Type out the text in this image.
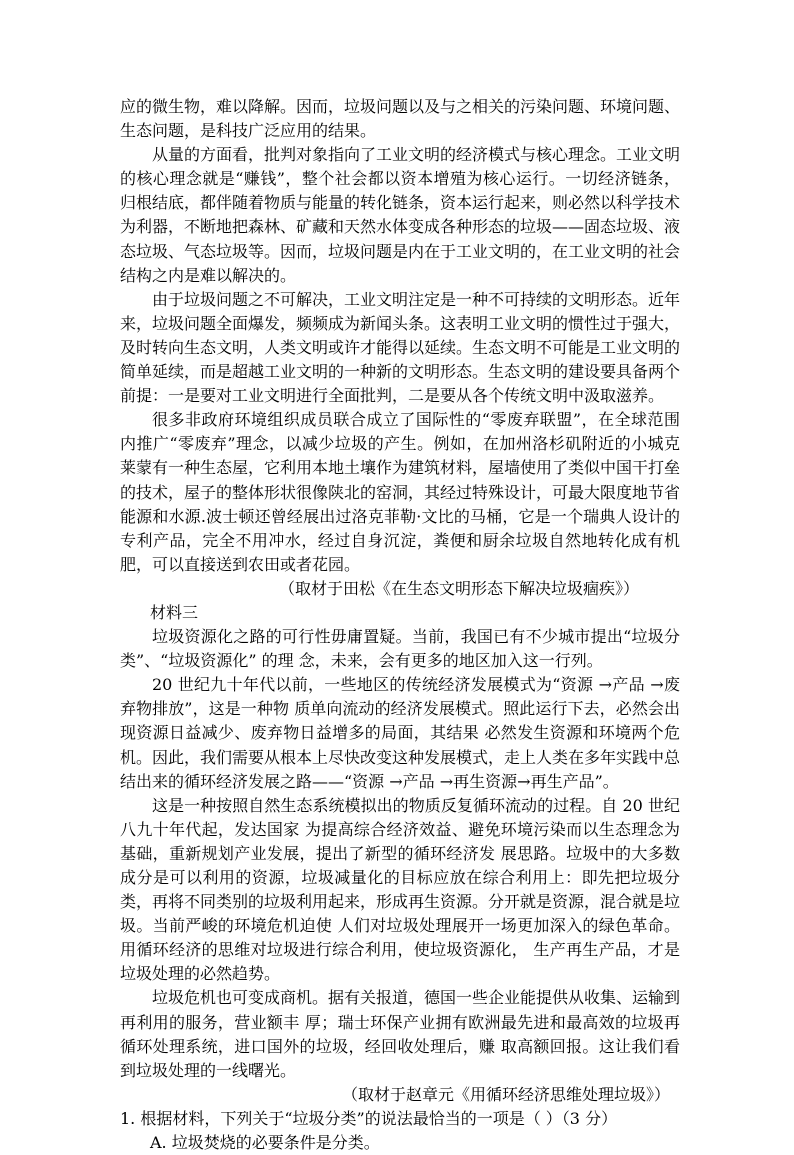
应的微生物，难以降解。因而，垃圾问题以及与之相关的污染问题、环境问题、生态问题，是科技广泛应用的结果。

从量的方面看，批判对象指向了工业文明的经济模式与核心理念。工业文明的核心理念就是“赚钱”，整个社会都以资本增殖为核心运行。一切经济链条，归根结底，都伴随着物质与能量的转化链条，资本运行起来，则必然以科学技术为利器，不断地把森林、矿藏和天然水体变成各种形态的垃圾——固态垃圾、液态垃圾、气态垃圾等。因而，垃圾问题是内在于工业文明的，在工业文明的社会结构之内是难以解决的。

由于垃圾问题之不可解决，工业文明注定是一种不可持续的文明形态。近年来，垃圾问题全面爆发，频频成为新闻头条。这表明工业文明的惯性过于强大，及时转向生态文明，人类文明或许才能得以延续。生态文明不可能是工业文明的简单延续，而是超越工业文明的一种新的文明形态。生态文明的建设要具备两个前提：一是要对工业文明进行全面批判，二是要从各个传统文明中汲取滋养。

很多非政府环境组织成员联合成立了国际性的“零废弃联盟”，在全球范围内推广“零废弃”理念，以减少垃圾的产生。例如，在加州洛杉矶附近的小城克莱蒙有一种生态屋，它利用本地土壤作为建筑材料，屋墙使用了类似中国干打垒的技术，屋子的整体形状很像陕北的窑洞，其经过特殊设计，可最大限度地节省能源和水源.波士顿还曾经展出过洛克菲勒·文比的马桶，它是一个瑞典人设计的专利产品，完全不用冲水，经过自身沉淀，粪便和厨余垃圾自然地转化成有机肥，可以直接送到农田或者花园。

（取材于田松《在生态文明形态下解决垃圾痼疾》）

材料三

垃圾资源化之路的可行性毋庸置疑。当前，我国已有不少城市提出“垃圾分类”、“垃圾资源化” 的理 念，未来，会有更多的地区加入这一行列。

20 世纪九十年代以前，一些地区的传统经济发展模式为“资源 →产品 →废弃物排放”，这是一种物 质单向流动的经济发展模式。照此运行下去，必然会出现资源日益减少、废弃物日益增多的局面，其结果 必然发生资源和环境两个危机。因此，我们需要从根本上尽快改变这种发展模式，走上人类在多年实践中总结出来的循环经济发展之路——“资源 →产品 →再生资源→再生产品”。

这是一种按照自然生态系统模拟出的物质反复循环流动的过程。自 20 世纪八九十年代起，发达国家 为提高综合经济效益、避免环境污染而以生态理念为基础，重新规划产业发展，提出了新型的循环经济发 展思路。垃圾中的大多数成分是可以利用的资源，垃圾减量化的目标应放在综合利用上：即先把垃圾分类，再将不同类别的垃圾利用起来，形成再生资源。分开就是资源，混合就是垃圾。当前严峻的环境危机迫使 人们对垃圾处理展开一场更加深入的绿色革命。用循环经济的思维对垃圾进行综合利用，使垃圾资源化， 生产再生产品，才是垃圾处理的必然趋势。

垃圾危机也可变成商机。据有关报道，德国一些企业能提供从收集、运输到再利用的服务，营业额丰 厚；瑞士环保产业拥有欧洲最先进和最高效的垃圾再循环处理系统，进口国外的垃圾，经回收处理后，赚 取高额回报。这让我们看到垃圾处理的一线曙光。

（取材于赵章元《用循环经济思维处理垃圾》）

1. 根据材料，下列关于“垃圾分类”的说法最恰当的一项是（ ）（3 分）

A. 垃圾焚烧的必要条件是分类。
